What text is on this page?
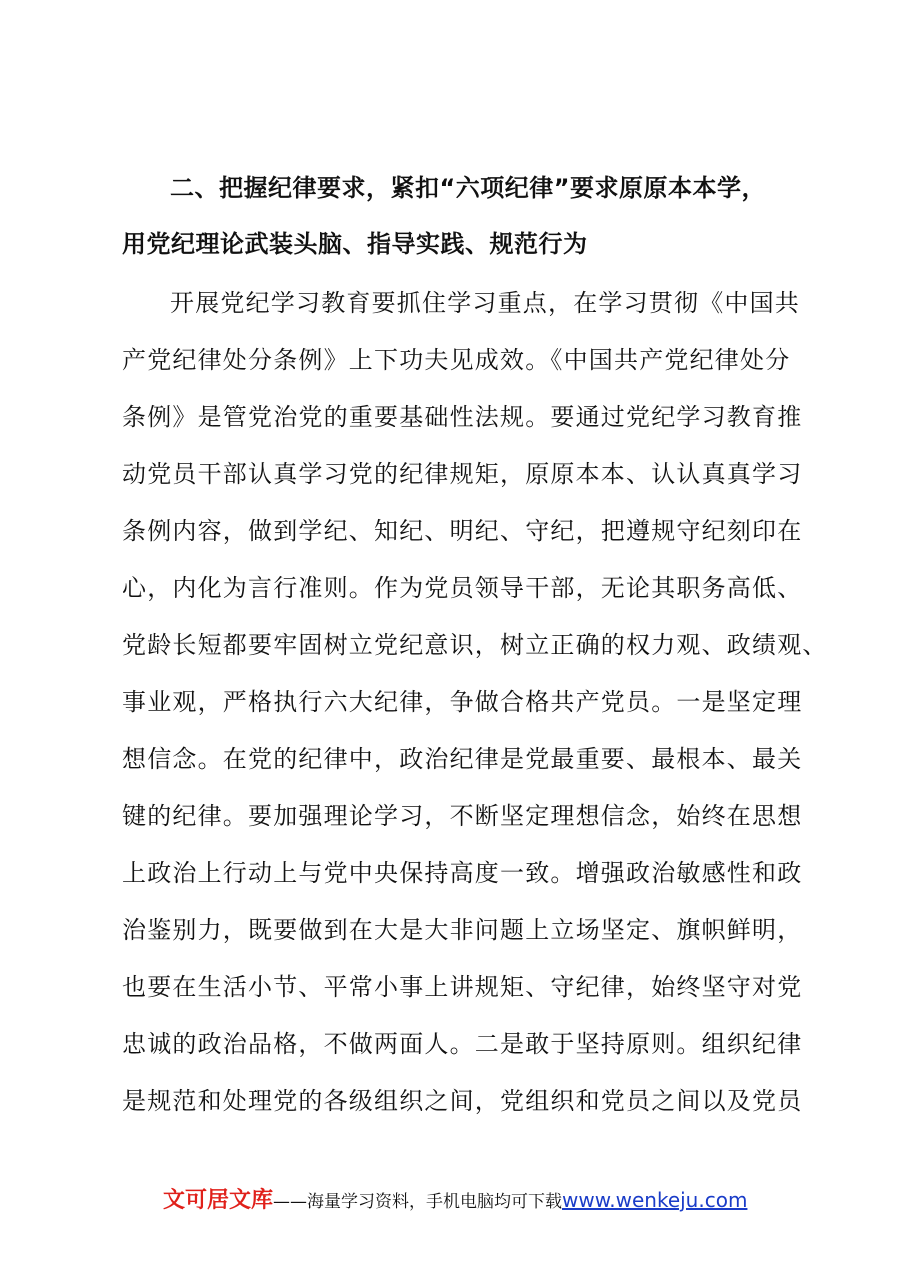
二、把握纪律要求，紧扣“六项纪律”要求原原本本学，
用党纪理论武装头脑、指导实践、规范行为
开展党纪学习教育要抓住学习重点，在学习贯彻《中国共
产党纪律处分条例》上下功夫见成效。《中国共产党纪律处分
条例》是管党治党的重要基础性法规。要通过党纪学习教育推
动党员干部认真学习党的纪律规矩，原原本本、认认真真学习
条例内容，做到学纪、知纪、明纪、守纪，把遵规守纪刻印在
心，内化为言行准则。作为党员领导干部，无论其职务高低、
党龄长短都要牢固树立党纪意识，树立正确的权力观、政绩观、
事业观，严格执行六大纪律，争做合格共产党员。一是坚定理
想信念。在党的纪律中，政治纪律是党最重要、最根本、最关
键的纪律。要加强理论学习，不断坚定理想信念，始终在思想
上政治上行动上与党中央保持高度一致。增强政治敏感性和政
治鉴别力，既要做到在大是大非问题上立场坚定、旗帜鲜明，
也要在生活小节、平常小事上讲规矩、守纪律，始终坚守对党
忠诚的政治品格，不做两面人。二是敢于坚持原则。组织纪律
是规范和处理党的各级组织之间，党组织和党员之间以及党员
文可居文库——海量学习资料，手机电脑均可下载www.wenkeju.com
